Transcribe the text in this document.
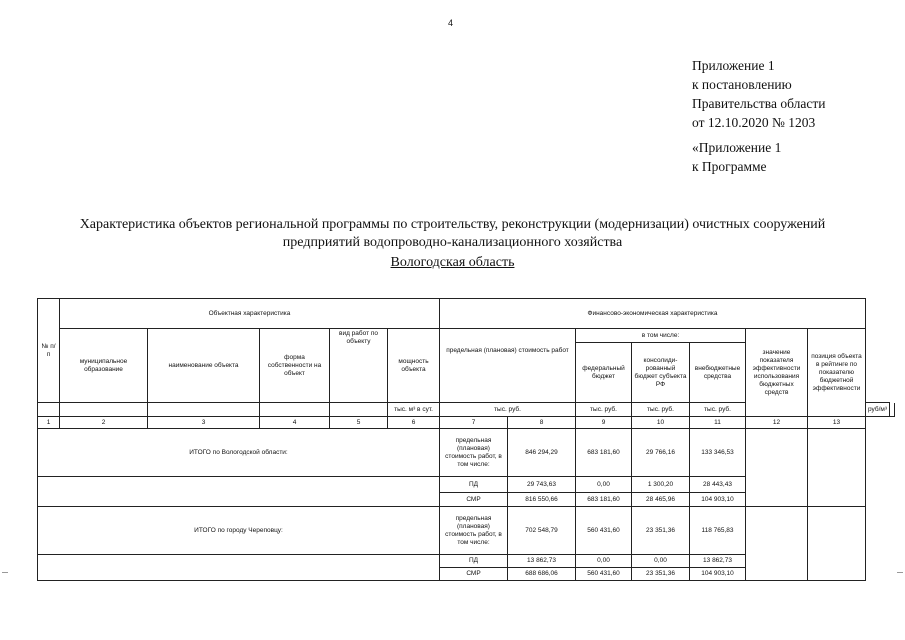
4
Приложение 1
к постановлению
Правительства области
от 12.10.2020 № 1203
«Приложение 1
к Программе
Характеристика объектов региональной программы по строительству, реконструкции (модернизации) очистных сооружений
предприятий водопроводно-канализационного хозяйства
Вологодская область
№ п/п	Объектная характеристика					Финансово-экономическая характеристика								
	муниципальное образование	наименование объекта	форма собственности на объект	вид работ по объекту	мощность объекта	предельная (плановая) стоимость работ		в том числе:			значение показателя эффективности использования бюджетных средств	позиция объекта в рейтинге по показателю бюджетной эффективности		
								федеральный бюджет	консолиди-рованный бюджет субъекта РФ	внебюджетные средства				
					тыс. м³ в сут.	тыс. руб.		тыс. руб.	тыс. руб.	тыс. руб.			руб/м³	
1	2	3	4	5	6	7	8	9	10	11	12	13		
ИТОГО по Вологодской области:						предельная (плановая) стоимость работ, в том числе:	846 294,29	683 181,60	29 766,16	133 346,53				
						ПД	29 743,63	0,00	1 300,20	28 443,43				
						СМР	816 550,66	683 181,60	28 465,96	104 903,10				
ИТОГО по городу Череповцу:						предельная (плановая) стоимость работ, в том числе:	702 548,79	560 431,60	23 351,36	118 765,83				
						ПД	13 862,73	0,00	0,00	13 862,73				
						СМР	688 686,06	560 431,60	23 351,36	104 903,10				
